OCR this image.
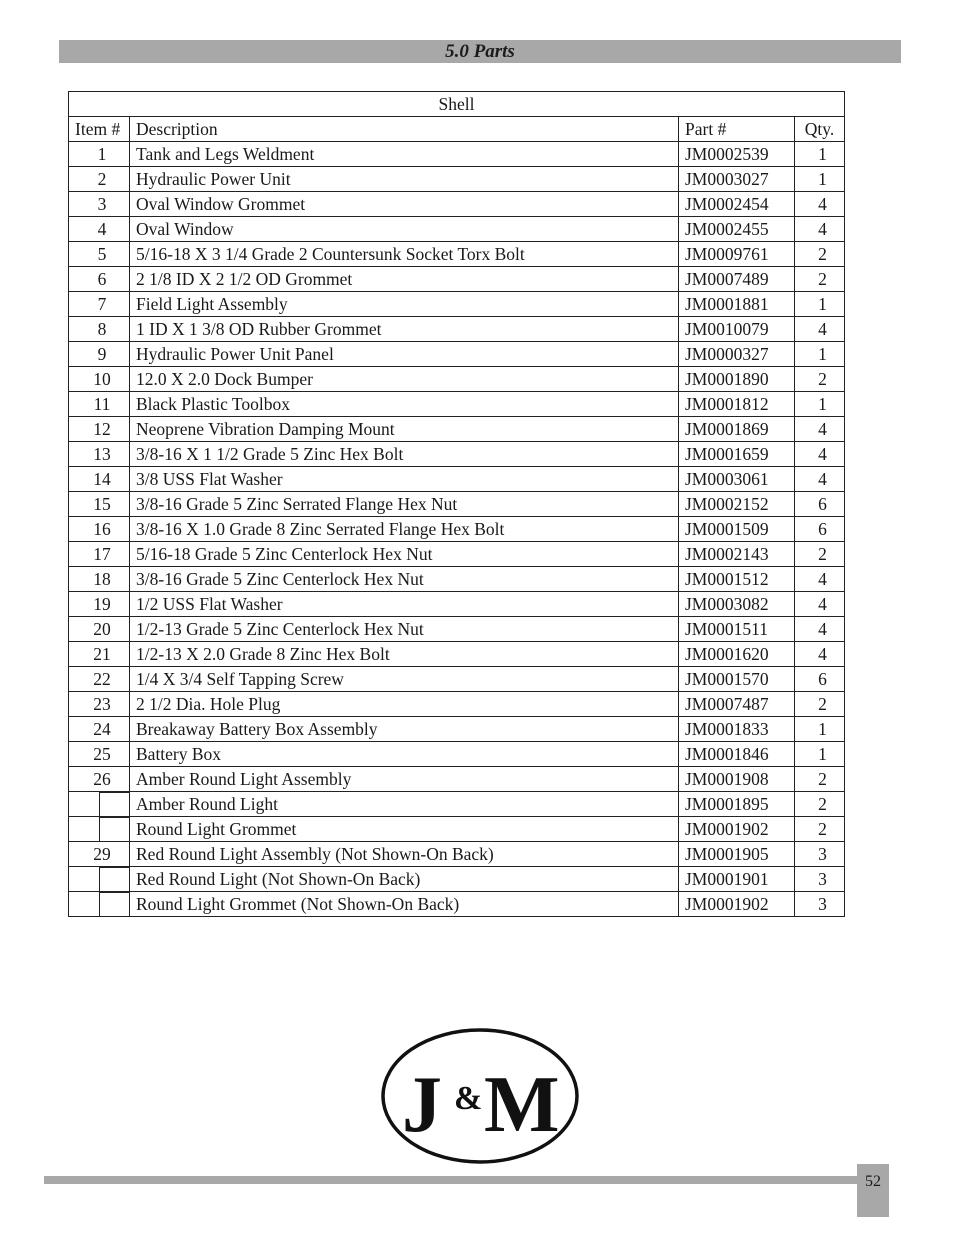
5.0 Parts
Shell			
Item #	Description	Part #	Qty.
1	Tank and Legs Weldment	JM0002539	1
2	Hydraulic Power Unit	JM0003027	1
3	Oval Window Grommet	JM0002454	4
4	Oval Window	JM0002455	4
5	5/16-18 X 3 1/4 Grade 2 Countersunk Socket Torx Bolt	JM0009761	2
6	2 1/8 ID X 2 1/2 OD Grommet	JM0007489	2
7	Field Light Assembly	JM0001881	1
8	1 ID X 1 3/8 OD Rubber Grommet	JM0010079	4
9	Hydraulic Power Unit Panel	JM0000327	1
10	12.0 X 2.0 Dock Bumper	JM0001890	2
11	Black Plastic Toolbox	JM0001812	1
12	Neoprene Vibration Damping Mount	JM0001869	4
13	3/8-16 X 1 1/2 Grade 5 Zinc Hex Bolt	JM0001659	4
14	3/8 USS Flat Washer	JM0003061	4
15	3/8-16 Grade 5 Zinc Serrated Flange Hex Nut	JM0002152	6
16	3/8-16 X 1.0 Grade 8 Zinc Serrated Flange Hex Bolt	JM0001509	6
17	5/16-18 Grade 5 Zinc Centerlock Hex Nut	JM0002143	2
18	3/8-16 Grade 5 Zinc Centerlock Hex Nut	JM0001512	4
19	1/2 USS Flat Washer	JM0003082	4
20	1/2-13 Grade 5 Zinc Centerlock Hex Nut	JM0001511	4
21	1/2-13 X 2.0 Grade 8 Zinc Hex Bolt	JM0001620	4
22	1/4 X 3/4 Self Tapping Screw	JM0001570	6
23	2 1/2 Dia. Hole Plug	JM0007487	2
24	Breakaway Battery Box Assembly	JM0001833	1
25	Battery Box	JM0001846	1
26	Amber Round Light Assembly	JM0001908	2

	Amber Round Light	JM0001895	2

	Round Light Grommet	JM0001902	2
29	Red Round Light Assembly (Not Shown-On Back)	JM0001905	3

	Red Round Light (Not Shown-On Back)	JM0001901	3

	Round Light Grommet (Not Shown-On Back)	JM0001902	3
J & M
52
